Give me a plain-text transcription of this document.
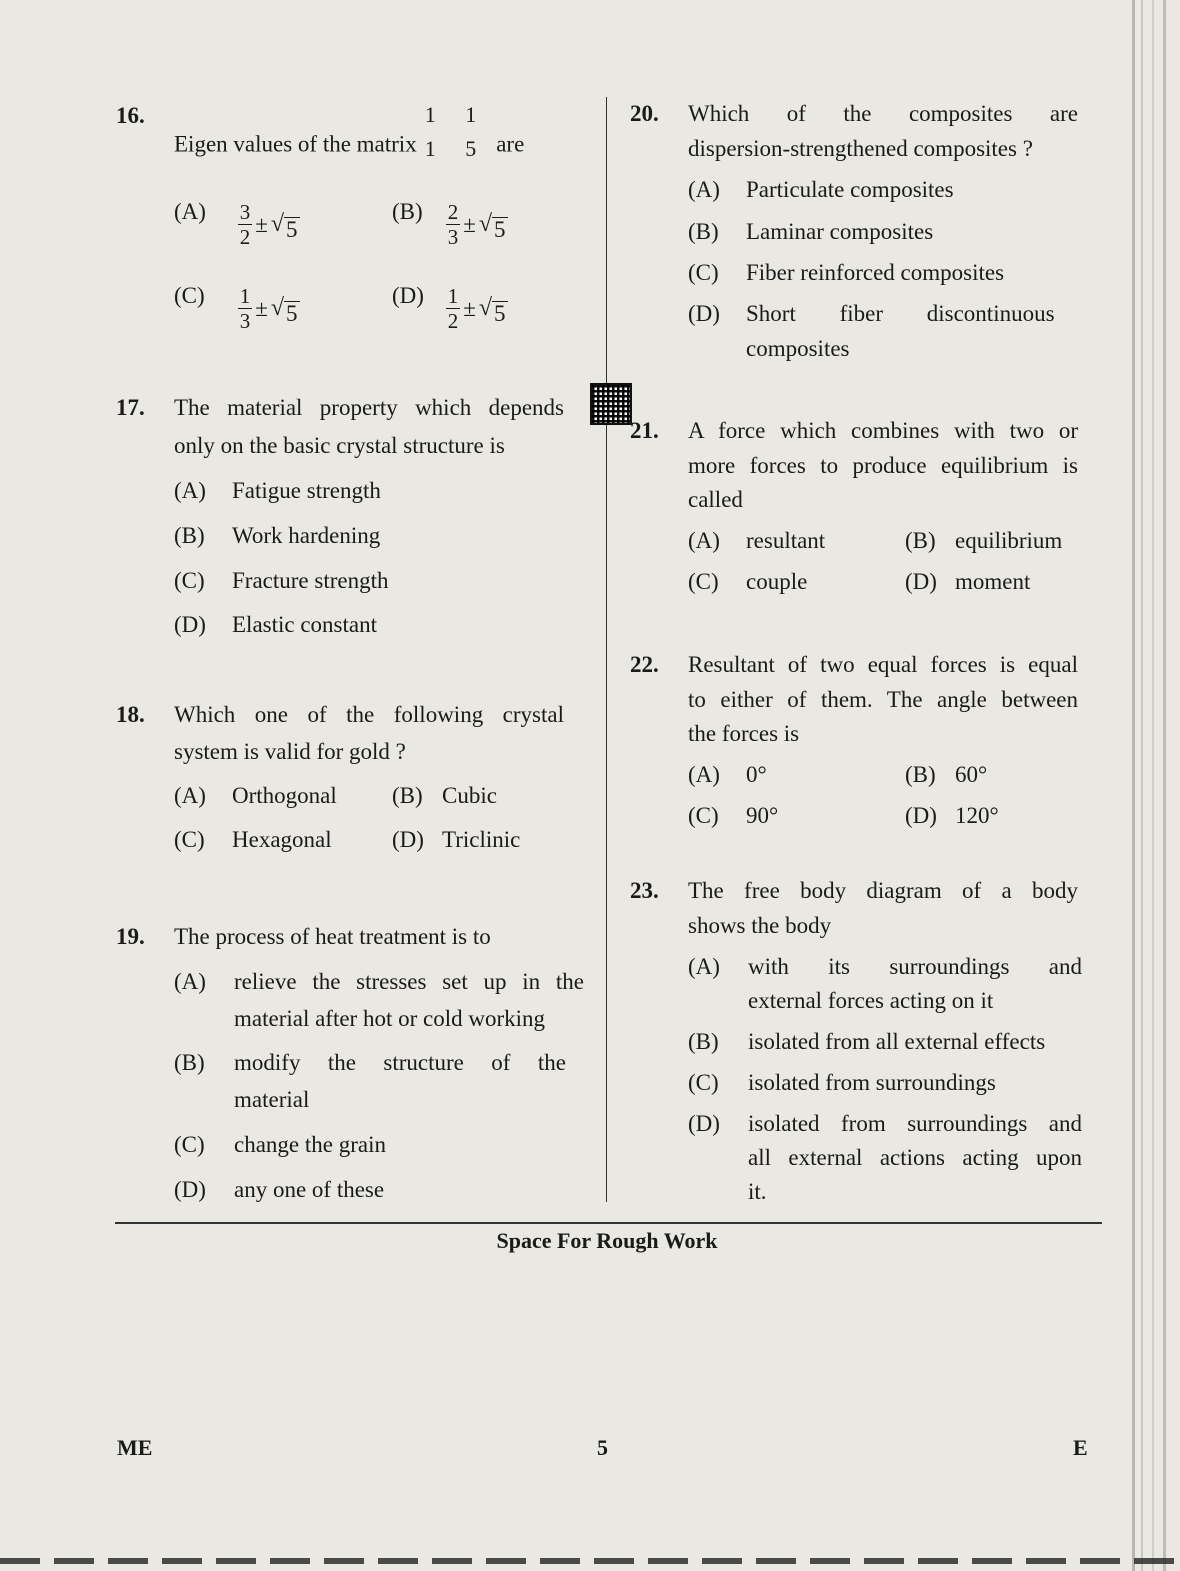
16.
Eigen values of the matrix
1 1
1 5 are
$(A) \frac{3}{2}$ ± √ 5
$(B) \frac{2}{3}$ ± √ 5
$(C) \frac{1}{3}$ ± √ 5
$(D) \frac{1}{2}$ ± √ 5
17. The material property which depends
only on the basic crystal structure is
(A) Fatigue strength
(B) Work hardening
(C) Fracture strength
(D) Elastic constant
18. Which one of the following crystal
system is valid for gold ?
(A) Orthogonal (B) Cubic
(C) Hexagonal	(D) Triclinic
19. The process of heat treatment is to
(A) relieve the stresses set up in the
material after hot or cold working
(B) modify the structure of the
material
(C) change the grain
(D) any one of these
20. Which of the composites are
dispersion-strengthened composites ?
(A) Particulate composites
(B) Laminar composites
(C) Fiber reinforced composites
(D) Short fiber discontinuous
composites
21. A force which combines with two or
more forces to produce equilibrium is
called
(A) resultant	(B) equilibrium
(C) couple	(D) moment
22. Resultant of two equal forces is equal
to either of them. The angle between
the forces is
(A) 0°	(B) 60°
(C) 90°	(D) 120°
23. The free body diagram of a body
shows the body
(A) with its surroundings and
external forces acting on it
(B) isolated from all external effects
(C) isolated from surroundings
(D) isolated from surroundings and
all external actions acting upon
it.
Space For Rough Work
ME	5	E
